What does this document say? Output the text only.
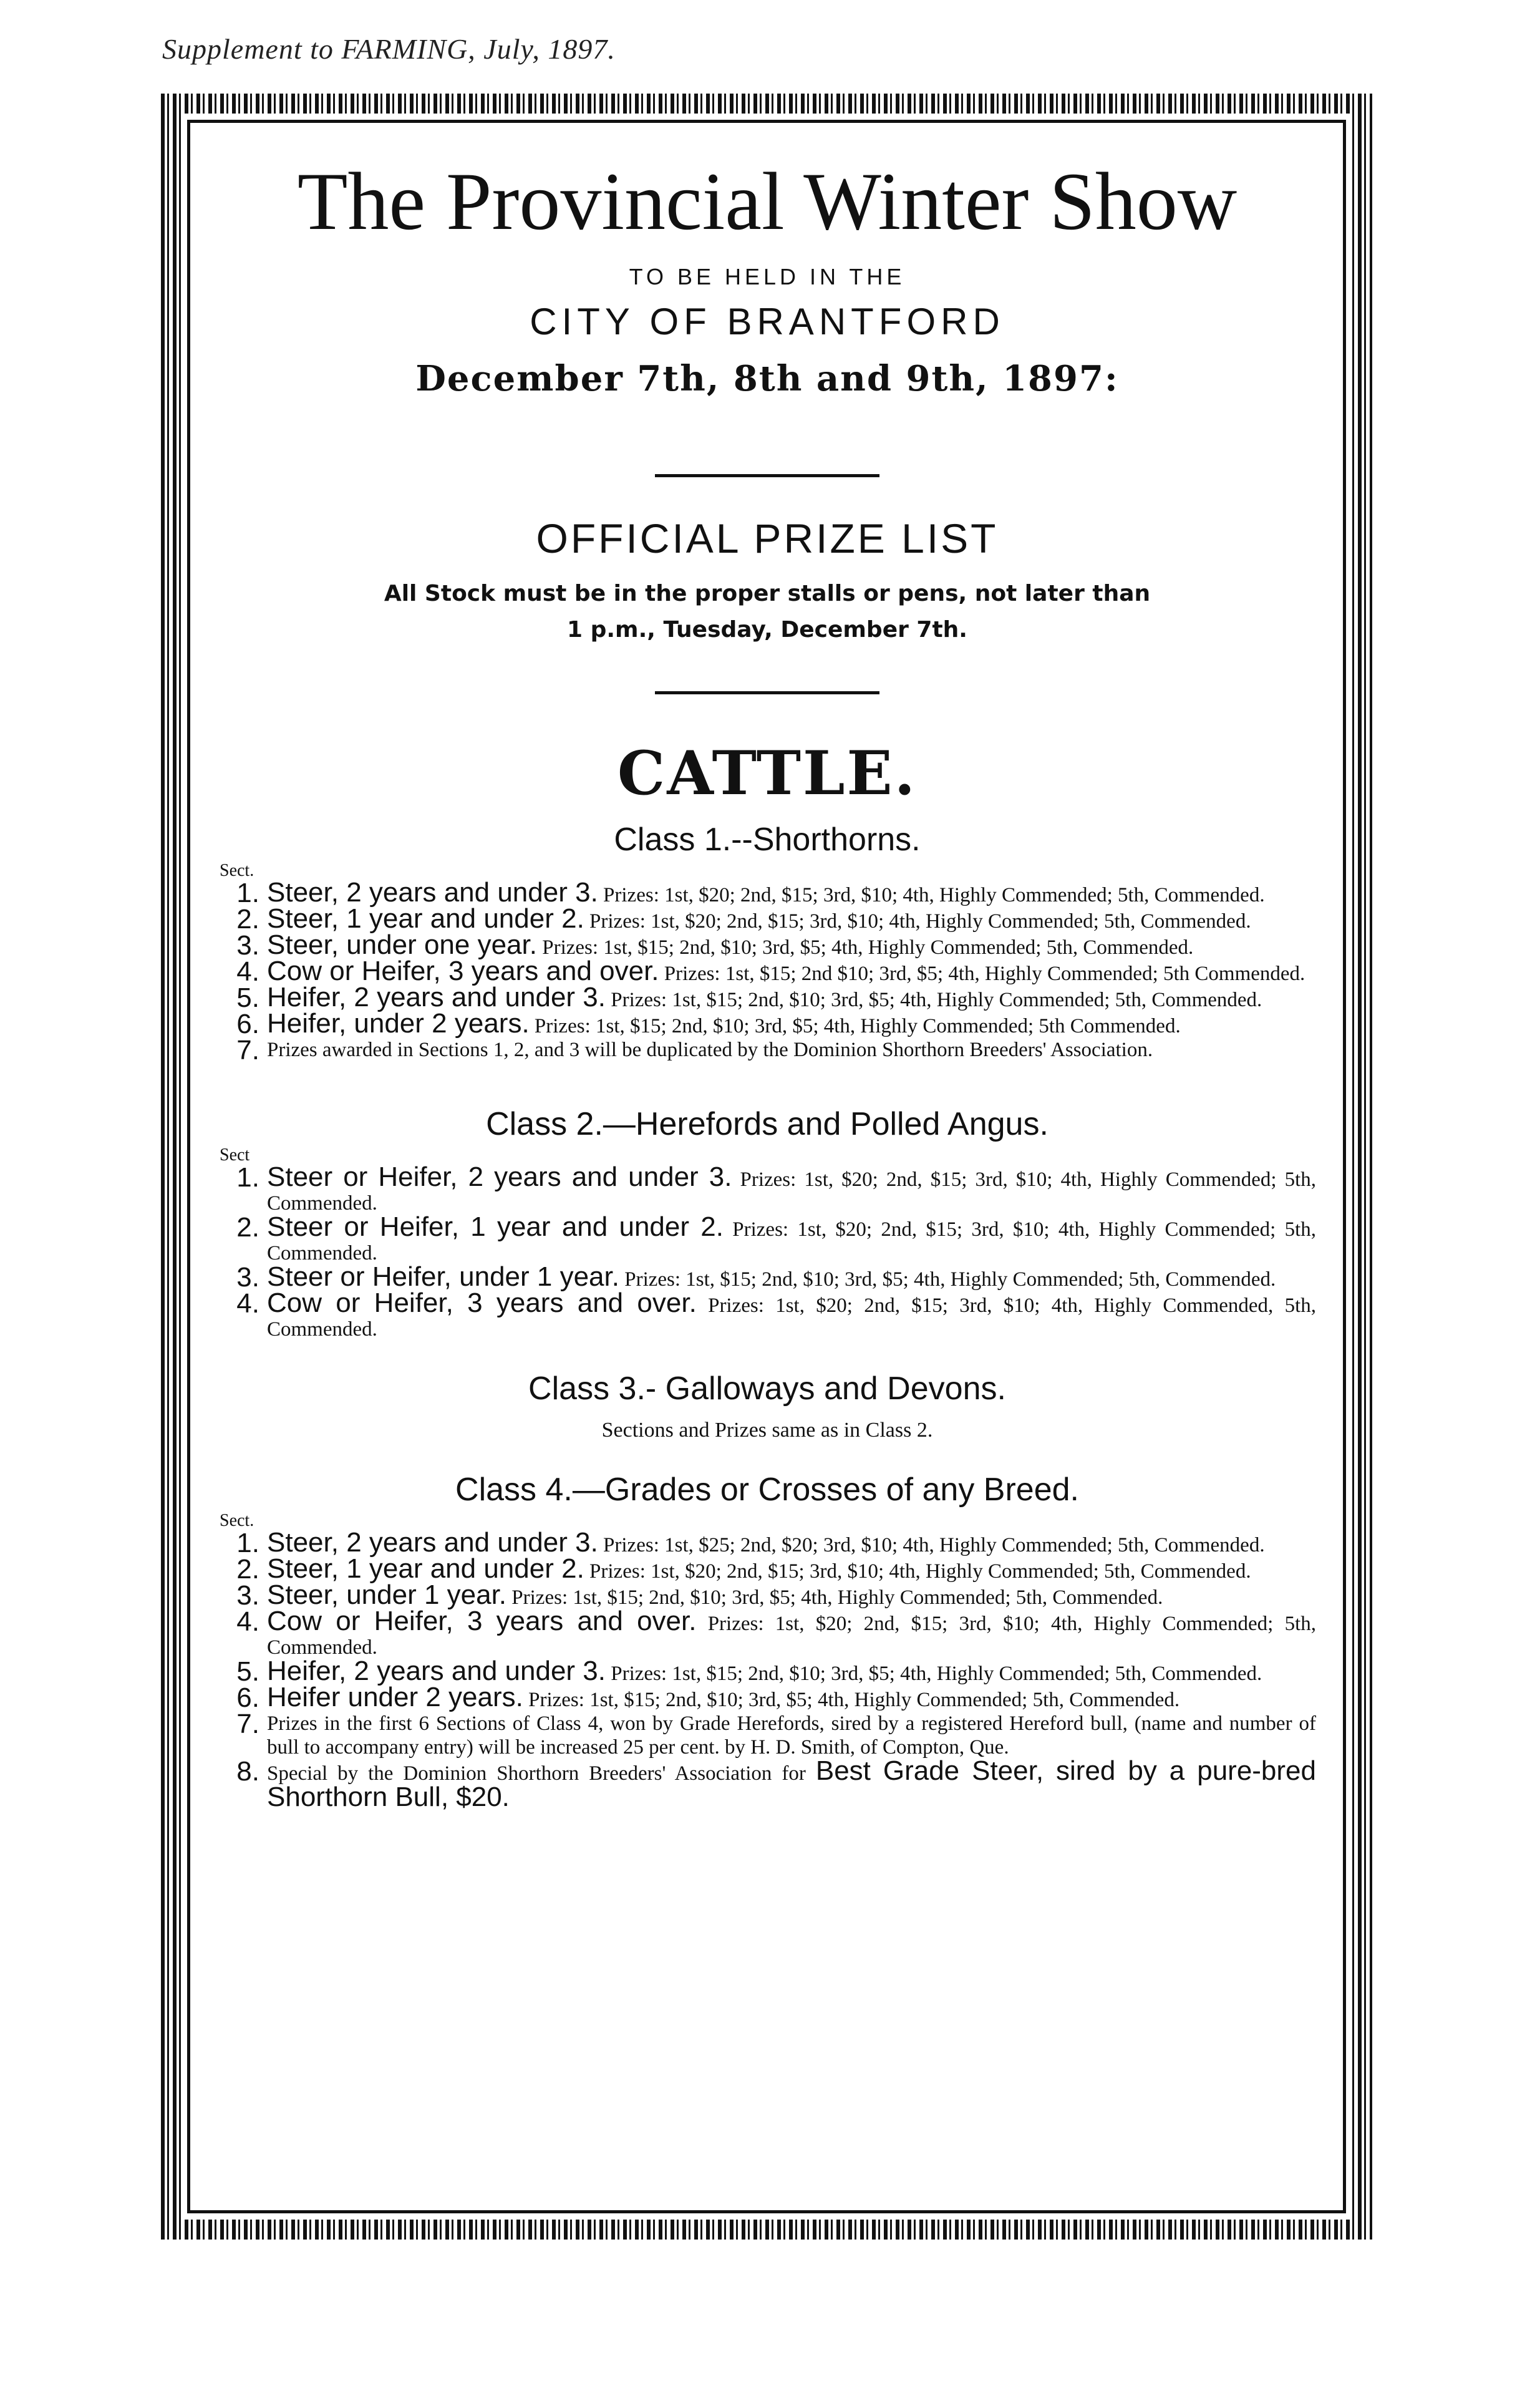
Supplement to FARMING, July, 1897.
The Provincial Winter Show
TO BE HELD IN THE
CITY OF BRANTFORD
December 7th, 8th and 9th, 1897:
OFFICIAL PRIZE LIST
All Stock must be in the proper stalls or pens, not later than
1 p.m., Tuesday, December 7th.
CATTLE.
Class 1.--Shorthorns.
Sect.
1. Steer, 2 years and under 3. Prizes: 1st, $20; 2nd, $15; 3rd, $10; 4th, Highly Commended; 5th, Commended.
2. Steer, 1 year and under 2. Prizes: 1st, $20; 2nd, $15; 3rd, $10; 4th, Highly Commended; 5th, Commended.
3. Steer, under one year. Prizes: 1st, $15; 2nd, $10; 3rd, $5; 4th, Highly Commended; 5th, Commended.
4. Cow or Heifer, 3 years and over. Prizes: 1st, $15; 2nd $10; 3rd, $5; 4th, Highly Commended; 5th Commended.
5. Heifer, 2 years and under 3. Prizes: 1st, $15; 2nd, $10; 3rd, $5; 4th, Highly Commended; 5th, Commended.
6. Heifer, under 2 years. Prizes: 1st, $15; 2nd, $10; 3rd, $5; 4th, Highly Commended; 5th Commended.
7. Prizes awarded in Sections 1, 2, and 3 will be duplicated by the Dominion Shorthorn Breeders' Association.
Class 2.—Herefords and Polled Angus.
Sect
1. Steer or Heifer, 2 years and under 3. Prizes: 1st, $20; 2nd, $15; 3rd, $10; 4th, Highly Commended; 5th, Commended.
2. Steer or Heifer, 1 year and under 2. Prizes: 1st, $20; 2nd, $15; 3rd, $10; 4th, Highly Commended; 5th, Commended.
3. Steer or Heifer, under 1 year. Prizes: 1st, $15; 2nd, $10; 3rd, $5; 4th, Highly Commended; 5th, Commended.
4. Cow or Heifer, 3 years and over. Prizes: 1st, $20; 2nd, $15; 3rd, $10; 4th, Highly Commended, 5th, Commended.
Class 3.- Galloways and Devons.
Sections and Prizes same as in Class 2.
Class 4.—Grades or Crosses of any Breed.
Sect.
1. Steer, 2 years and under 3. Prizes: 1st, $25; 2nd, $20; 3rd, $10; 4th, Highly Commended; 5th, Commended.
2. Steer, 1 year and under 2. Prizes: 1st, $20; 2nd, $15; 3rd, $10; 4th, Highly Commended; 5th, Commended.
3. Steer, under 1 year. Prizes: 1st, $15; 2nd, $10; 3rd, $5; 4th, Highly Commended; 5th, Commended.
4. Cow or Heifer, 3 years and over. Prizes: 1st, $20; 2nd, $15; 3rd, $10; 4th, Highly Commended; 5th, Commended.
5. Heifer, 2 years and under 3. Prizes: 1st, $15; 2nd, $10; 3rd, $5; 4th, Highly Commended; 5th, Commended.
6. Heifer under 2 years. Prizes: 1st, $15; 2nd, $10; 3rd, $5; 4th, Highly Commended; 5th, Commended.
7. Prizes in the first 6 Sections of Class 4, won by Grade Herefords, sired by a registered Hereford bull, (name and number of bull to accompany entry) will be increased 25 per cent. by H. D. Smith, of Compton, Que.
8. Special by the Dominion Shorthorn Breeders' Association for Best Grade Steer, sired by a pure-bred Shorthorn Bull, $20.
